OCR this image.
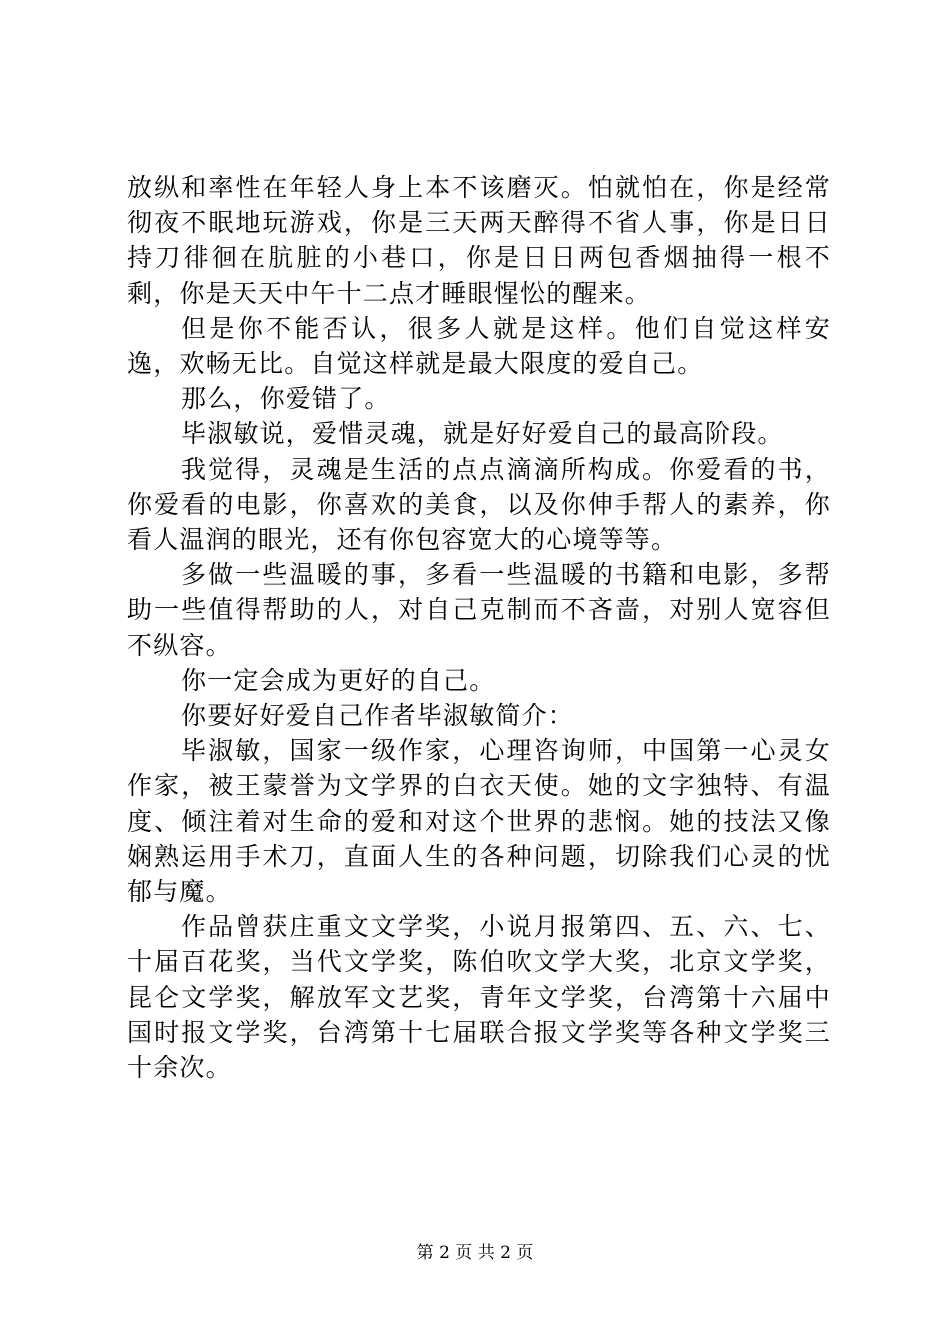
放纵和率性在年轻人身上本不该磨灭。怕就怕在，你是经常彻夜不眠地玩游戏，你是三天两天醉得不省人事，你是日日持刀徘徊在肮脏的小巷口，你是日日两包香烟抽得一根不剩，你是天天中午十二点才睡眼惺忪的醒来。

但是你不能否认，很多人就是这样。他们自觉这样安逸，欢畅无比。自觉这样就是最大限度的爱自己。

那么，你爱错了。

毕淑敏说，爱惜灵魂，就是好好爱自己的最高阶段。

我觉得，灵魂是生活的点点滴滴所构成。你爱看的书，你爱看的电影，你喜欢的美食，以及你伸手帮人的素养，你看人温润的眼光，还有你包容宽大的心境等等。

多做一些温暖的事，多看一些温暖的书籍和电影，多帮助一些值得帮助的人，对自己克制而不吝啬，对别人宽容但不纵容。

你一定会成为更好的自己。

你要好好爱自己作者毕淑敏简介：

毕淑敏，国家一级作家，心理咨询师，中国第一心灵女作家，被王蒙誉为文学界的白衣天使。她的文字独特、有温度、倾注着对生命的爱和对这个世界的悲悯。她的技法又像娴熟运用手术刀，直面人生的各种问题，切除我们心灵的忧郁与魔。

作品曾获庄重文文学奖，小说月报第四、五、六、七、十届百花奖，当代文学奖，陈伯吹文学大奖，北京文学奖，昆仑文学奖，解放军文艺奖，青年文学奖，台湾第十六届中国时报文学奖，台湾第十七届联合报文学奖等各种文学奖三十余次。

第 2 页 共 2 页
